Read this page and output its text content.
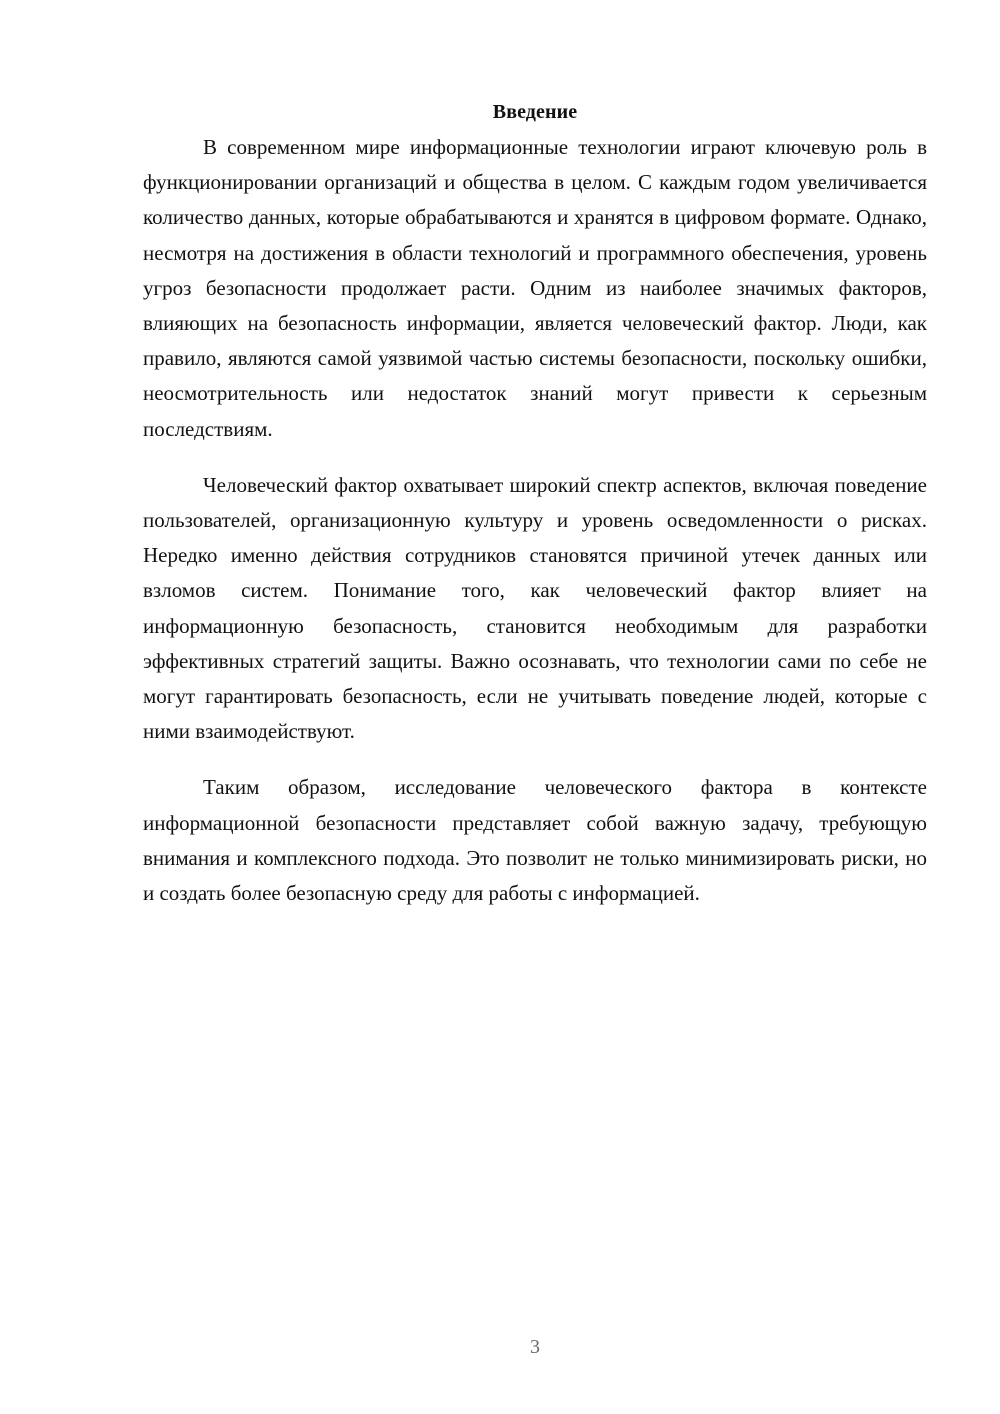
Введение

В современном мире информационные технологии играют ключевую роль в функционировании организаций и общества в целом. С каждым годом увеличивается количество данных, которые обрабатываются и хранятся в цифровом формате. Однако, несмотря на достижения в области технологий и программного обеспечения, уровень угроз безопасности продолжает расти. Одним из наиболее значимых факторов, влияющих на безопасность информации, является человеческий фактор. Люди, как правило, являются самой уязвимой частью системы безопасности, поскольку ошибки, неосмотрительность или недостаток знаний могут привести к серьезным последствиям.

Человеческий фактор охватывает широкий спектр аспектов, включая поведение пользователей, организационную культуру и уровень осведомленности о рисках. Нередко именно действия сотрудников становятся причиной утечек данных или взломов систем. Понимание того, как человеческий фактор влияет на информационную безопасность, становится необходимым для разработки эффективных стратегий защиты. Важно осознавать, что технологии сами по себе не могут гарантировать безопасность, если не учитывать поведение людей, которые с ними взаимодействуют.

Таким образом, исследование человеческого фактора в контексте информационной безопасности представляет собой важную задачу, требующую внимания и комплексного подхода. Это позволит не только минимизировать риски, но и создать более безопасную среду для работы с информацией.

3
